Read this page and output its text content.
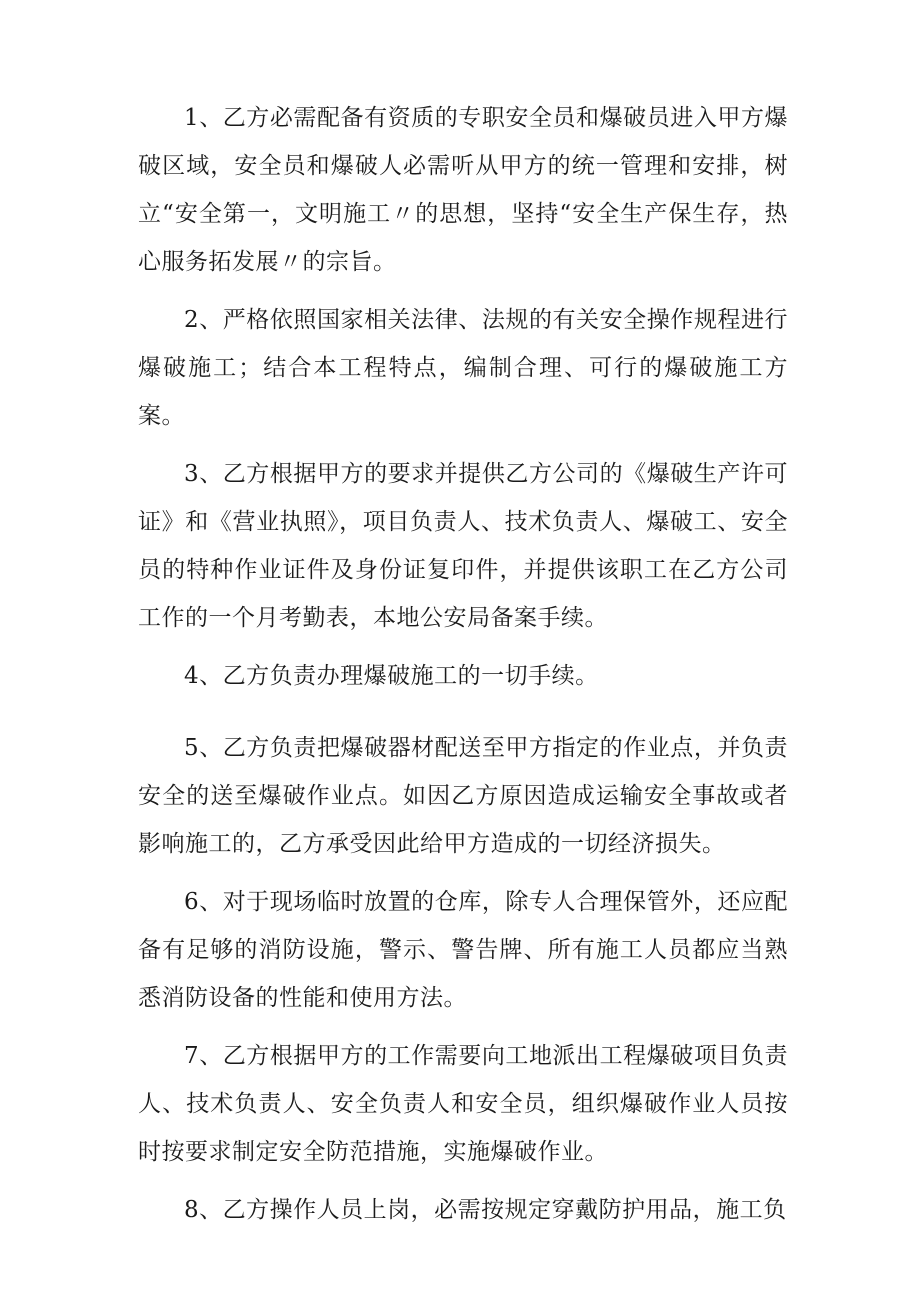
1、乙方必需配备有资质的专职安全员和爆破员进入甲方爆破区域，安全员和爆破人必需听从甲方的统一管理和安排，树立“安全第一，文明施工〃的思想，坚持“安全生产保生存，热心服务拓发展〃的宗旨。

2、严格依照国家相关法律、法规的有关安全操作规程进行爆破施工；结合本工程特点，编制合理、可行的爆破施工方案。

3、乙方根据甲方的要求并提供乙方公司的《爆破生产许可证》和《营业执照》，项目负责人、技术负责人、爆破工、安全员的特种作业证件及身份证复印件，并提供该职工在乙方公司工作的一个月考勤表，本地公安局备案手续。

4、乙方负责办理爆破施工的一切手续。

5、乙方负责把爆破器材配送至甲方指定的作业点，并负责安全的送至爆破作业点。如因乙方原因造成运输安全事故或者影响施工的，乙方承受因此给甲方造成的一切经济损失。

6、对于现场临时放置的仓库，除专人合理保管外，还应配备有足够的消防设施，警示、警告牌、所有施工人员都应当熟悉消防设备的性能和使用方法。

7、乙方根据甲方的工作需要向工地派出工程爆破项目负责人、技术负责人、安全负责人和安全员，组织爆破作业人员按时按要求制定安全防范措施，实施爆破作业。

8、乙方操作人员上岗，必需按规定穿戴防护用品，施工负
